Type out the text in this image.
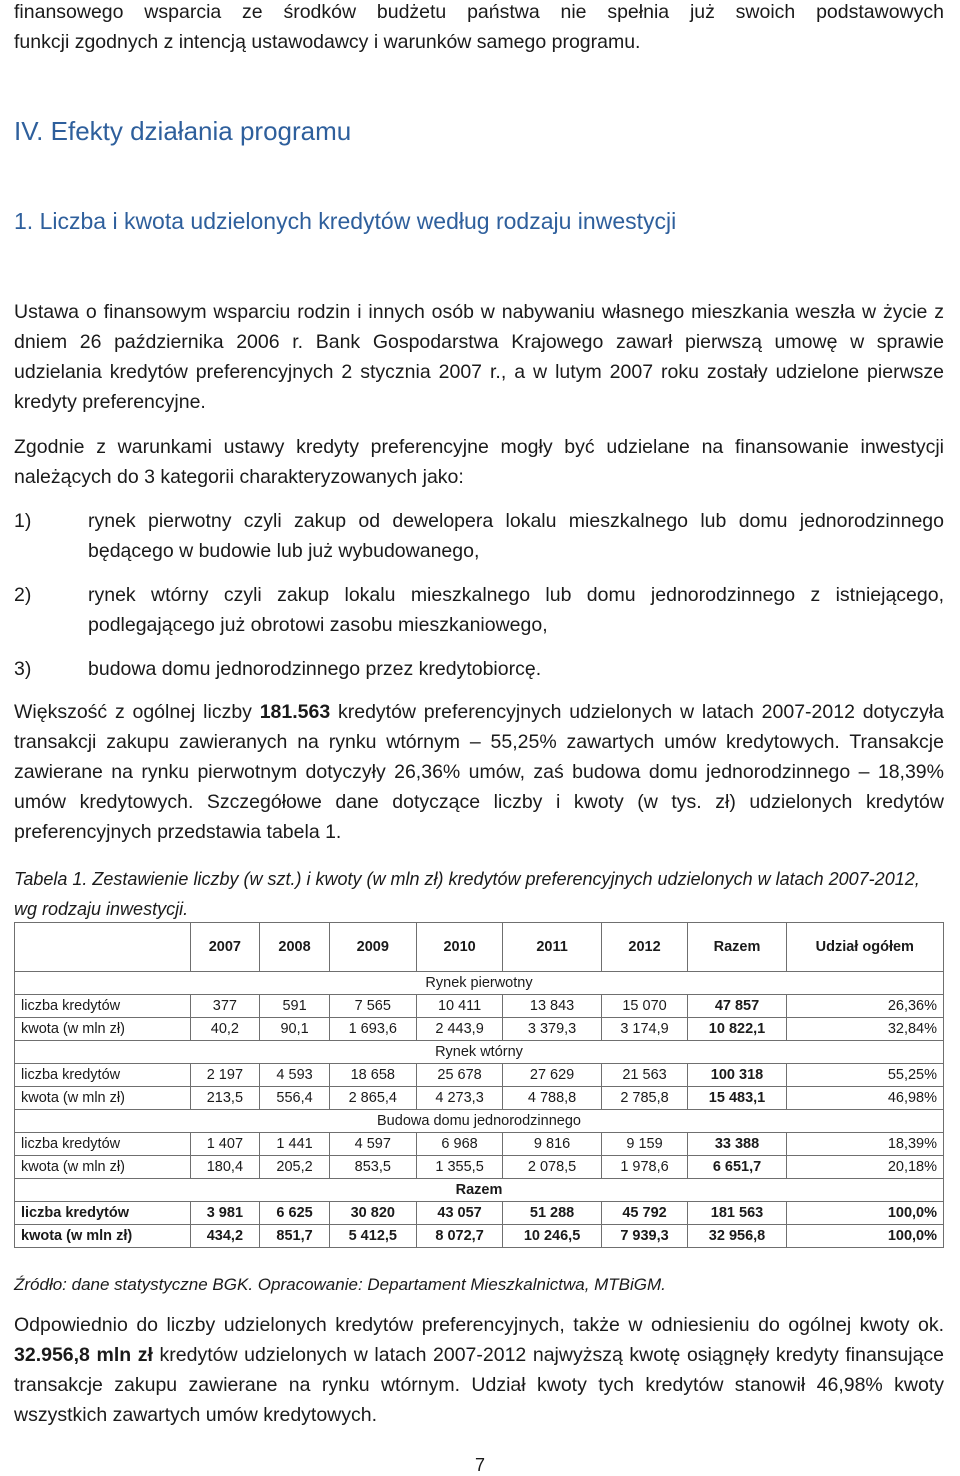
finansowego wsparcia ze środków budżetu państwa nie spełnia już swoich podstawowych

funkcji zgodnych z intencją ustawodawcy i warunków samego programu.

IV. Efekty działania programu
1. Liczba i kwota udzielonych kredytów według rodzaju inwestycji

Ustawa o finansowym wsparciu rodzin i innych osób w nabywaniu własnego mieszkania weszła w życie z dniem 26 października 2006 r. Bank Gospodarstwa Krajowego zawarł pierwszą umowę w sprawie udzielania kredytów preferencyjnych 2 stycznia 2007 r., a w lutym 2007 roku zostały udzielone pierwsze kredyty preferencyjne.

Zgodnie z warunkami ustawy kredyty preferencyjne mogły być udzielane na finansowanie inwestycji należących do 3 kategorii charakteryzowanych jako:

1)	rynek pierwotny czyli zakup od dewelopera lokalu mieszkalnego lub domu jednorodzinnego będącego w budowie lub już wybudowanego,
2)	rynek wtórny czyli zakup lokalu mieszkalnego lub domu jednorodzinnego z istniejącego, podlegającego już obrotowi zasobu mieszkaniowego,
3)	budowa domu jednorodzinnego przez kredytobiorcę.

Większość z ogólnej liczby 181.563 kredytów preferencyjnych udzielonych w latach 2007-2012 dotyczyła transakcji zakupu zawieranych na rynku wtórnym – 55,25% zawartych umów kredytowych. Transakcje zawierane na rynku pierwotnym dotyczyły 26,36% umów, zaś budowa domu jednorodzinnego – 18,39% umów kredytowych. Szczegółowe dane dotyczące liczby i kwoty (w tys. zł) udzielonych kredytów preferencyjnych przedstawia tabela 1.

Tabela 1. Zestawienie liczby (w szt.) i kwoty (w mln zł) kredytów preferencyjnych udzielonych w latach 2007-2012, wg rodzaju inwestycji.
	2007	2008	2009	2010	2011	2012	Razem	Udział ogółem
Rynek pierwotny								
liczba kredytów	377	591	7 565	10 411	13 843	15 070	47 857	26,36%
kwota (w mln zł)	40,2	90,1	1 693,6	2 443,9	3 379,3	3 174,9	10 822,1	32,84%
Rynek wtórny								
liczba kredytów	2 197	4 593	18 658	25 678	27 629	21 563	100 318	55,25%
kwota (w mln zł)	213,5	556,4	2 865,4	4 273,3	4 788,8	2 785,8	15 483,1	46,98%
Budowa domu jednorodzinnego								
liczba kredytów	1 407	1 441	4 597	6 968	9 816	9 159	33 388	18,39%
kwota (w mln zł)	180,4	205,2	853,5	1 355,5	2 078,5	1 978,6	6 651,7	20,18%
Razem								
liczba kredytów	3 981	6 625	30 820	43 057	51 288	45 792	181 563	100,0%
kwota (w mln zł)	434,2	851,7	5 412,5	8 072,7	10 246,5	7 939,3	32 956,8	100,0%
Źródło: dane statystyczne BGK. Opracowanie: Departament Mieszkalnictwa, MTBiGM.

Odpowiednio do liczby udzielonych kredytów preferencyjnych, także w odniesieniu do ogólnej kwoty ok. 32.956,8 mln zł kredytów udzielonych w latach 2007-2012 najwyższą kwotę osiągnęły kredyty finansujące transakcje zakupu zawierane na rynku wtórnym. Udział kwoty tych kredytów stanowił 46,98% kwoty wszystkich zawartych umów kredytowych.

7
